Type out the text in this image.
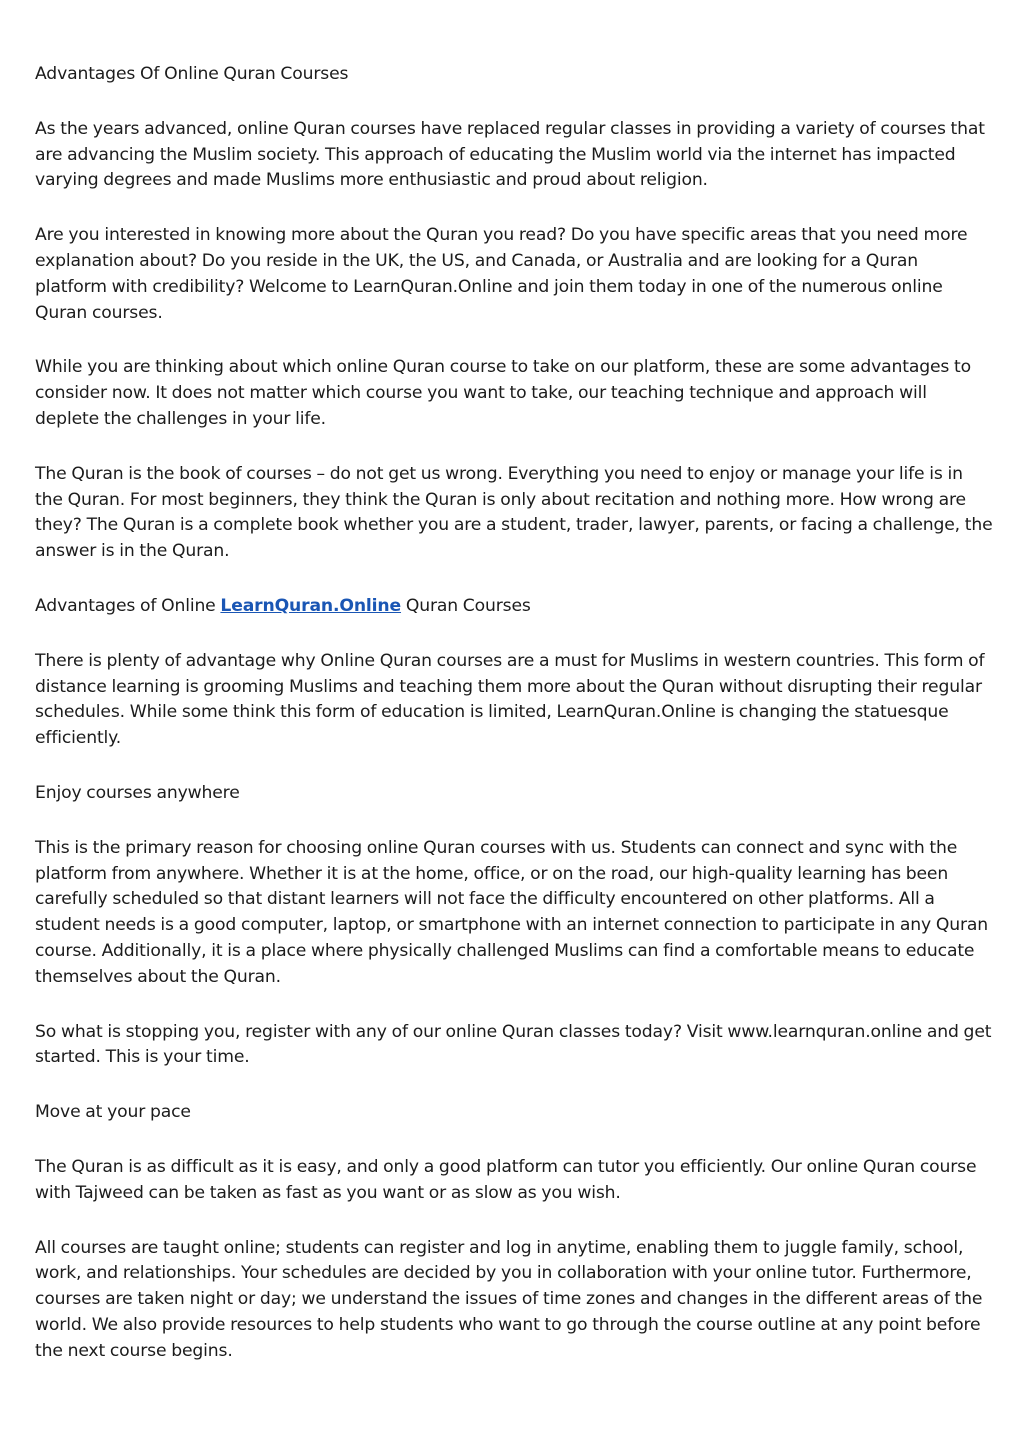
Advantages Of Online Quran Courses

As the years advanced, online Quran courses have replaced regular classes in providing a variety of courses that are advancing the Muslim society. This approach of educating the Muslim world via the internet has impacted varying degrees and made Muslims more enthusiastic and proud about religion.

Are you interested in knowing more about the Quran you read? Do you have specific areas that you need more explanation about? Do you reside in the UK, the US, and Canada, or Australia and are looking for a Quran platform with credibility? Welcome to LearnQuran.Online and join them today in one of the numerous online Quran courses.

While you are thinking about which online Quran course to take on our platform, these are some advantages to consider now. It does not matter which course you want to take, our teaching technique and approach will deplete the challenges in your life.

The Quran is the book of courses – do not get us wrong. Everything you need to enjoy or manage your life is in the Quran. For most beginners, they think the Quran is only about recitation and nothing more. How wrong are they? The Quran is a complete book whether you are a student, trader, lawyer, parents, or facing a challenge, the answer is in the Quran.

Advantages of Online LearnQuran.Online Quran Courses

There is plenty of advantage why Online Quran courses are a must for Muslims in western countries. This form of distance learning is grooming Muslims and teaching them more about the Quran without disrupting their regular schedules. While some think this form of education is limited, LearnQuran.Online is changing the statuesque efficiently.

Enjoy courses anywhere

This is the primary reason for choosing online Quran courses with us. Students can connect and sync with the platform from anywhere. Whether it is at the home, office, or on the road, our high-quality learning has been carefully scheduled so that distant learners will not face the difficulty encountered on other platforms. All a student needs is a good computer, laptop, or smartphone with an internet connection to participate in any Quran course. Additionally, it is a place where physically challenged Muslims can find a comfortable means to educate themselves about the Quran.

So what is stopping you, register with any of our online Quran classes today? Visit www.learnquran.online and get started. This is your time.

Move at your pace

The Quran is as difficult as it is easy, and only a good platform can tutor you efficiently. Our online Quran course with Tajweed can be taken as fast as you want or as slow as you wish.

All courses are taught online; students can register and log in anytime, enabling them to juggle family, school, work, and relationships. Your schedules are decided by you in collaboration with your online tutor. Furthermore, courses are taken night or day; we understand the issues of time zones and changes in the different areas of the world. We also provide resources to help students who want to go through the course outline at any point before the next course begins.
